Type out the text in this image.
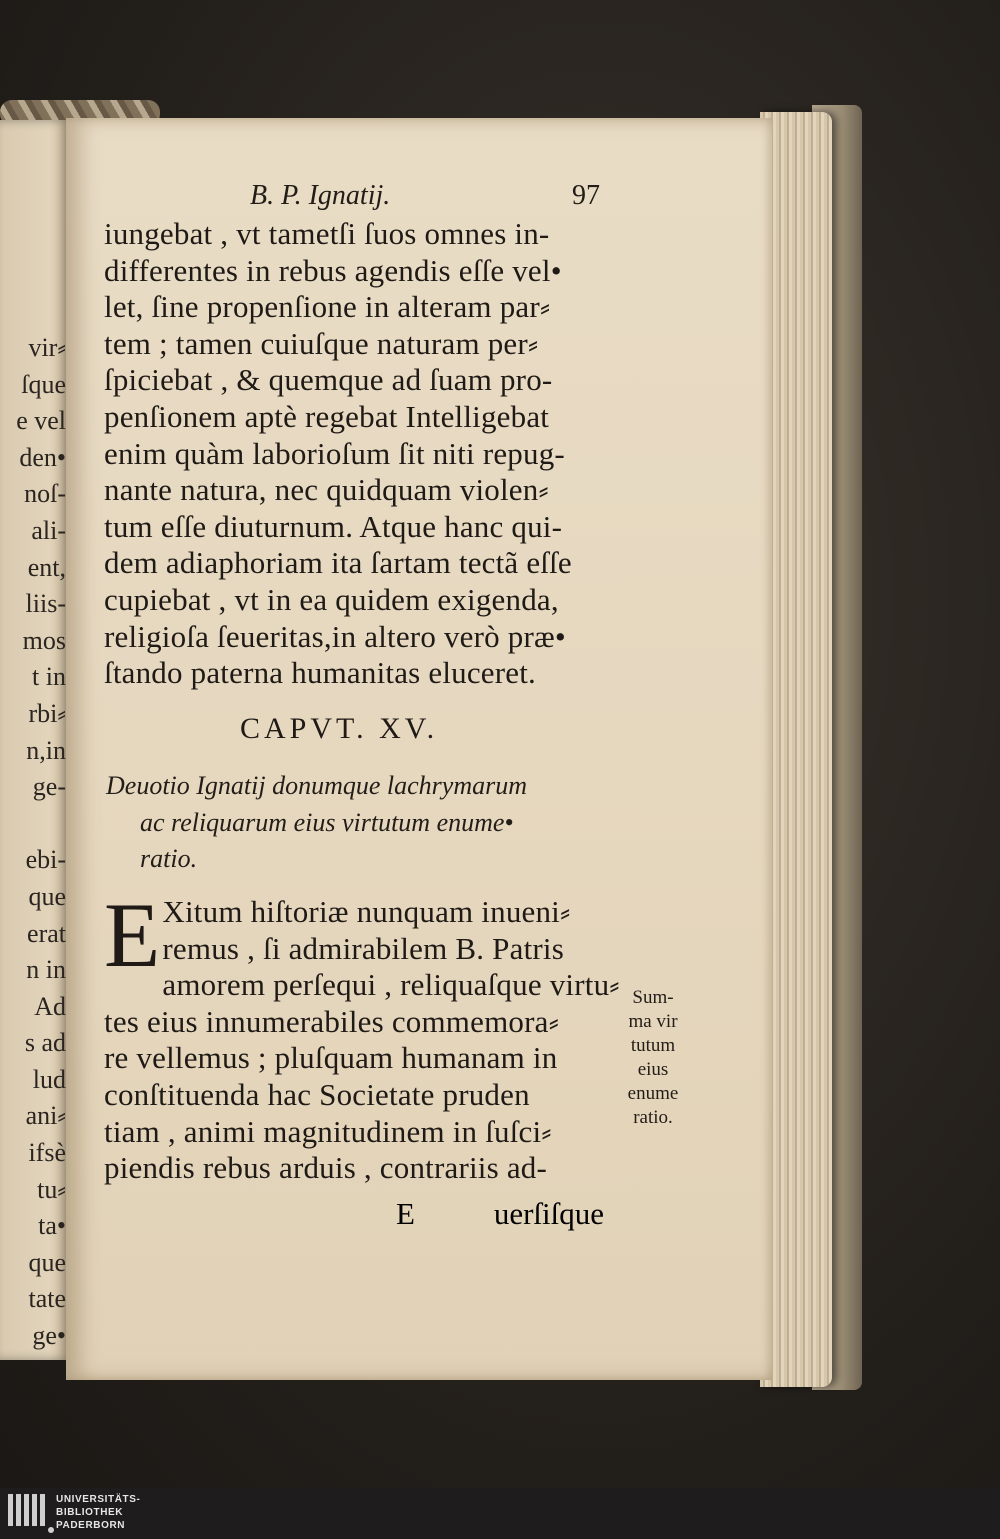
vir⸗
ſque
e vel
den•
noſ-
ali-
ent,
liis-
mos
t in
rbi⸗
n,in
ge-
ebi-
que
erat
n in
Ad
s ad
lud
ani⸗
ifsè
tu⸗
ta•
que
tate
ge•
B. P. Ignatij.	97
iungebat , vt tametſi ſuos omnes in-
differentes in rebus agendis eſſe vel•
let, ſine propenſione in alteram par⸗
tem ; tamen cuiuſque naturam per⸗
ſpiciebat , & quemque ad ſuam pro-
penſionem aptè regebat Intelligebat
enim quàm laborioſum ſit niti repug-
nante natura, nec quidquam violen⸗
tum eſſe diuturnum. Atque hanc qui-
dem adiaphoriam ita ſartam tectã eſſe
cupiebat , vt in ea quidem exigenda,
religioſa ſeueritas,in altero verò præ•
ſtando paterna humanitas eluceret.
CAPVT. XV.
Deuotio Ignatij donumque lachrymarum
ac reliquarum eius virtutum enume•
ratio.
E Xitum hiſtoriæ nunquam inueni⸗
remus , ſi admirabilem B. Patris
amorem perſequi , reliquaſque virtu⸗
tes eius innumerabiles commemora⸗
re vellemus ; pluſquam humanam in
conſtituenda hac Societate pruden
tiam , animi magnitudinem in ſuſci⸗
piendis rebus arduis , contrariis ad-
E	uerſiſque
Sum-
ma vir
tutum
eius
enume
ratio.
UNIVERSITÄTS-
BIBLIOTHEK
PADERBORN
